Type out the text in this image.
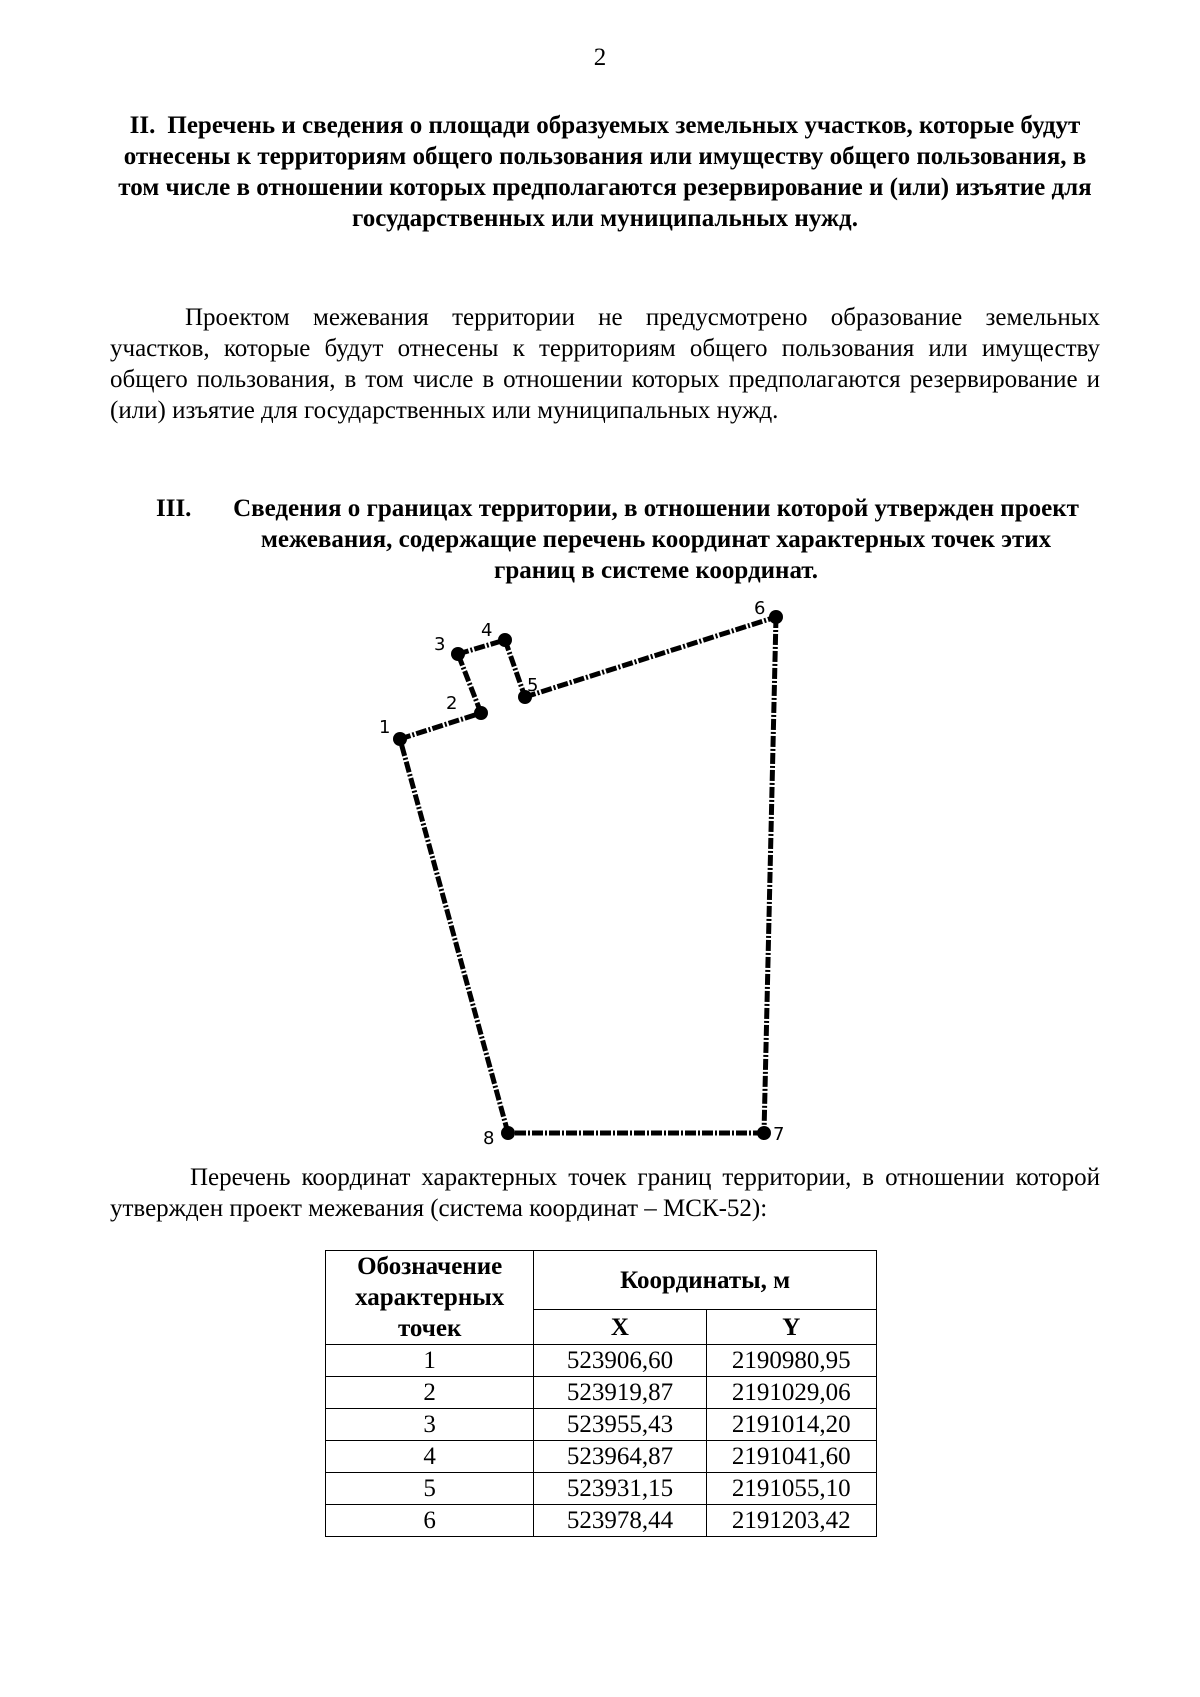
2
II. Перечень и сведения о площади образуемых земельных участков, которые будут отнесены к территориям общего пользования или имуществу общего пользования, в том числе в отношении которых предполагаются резервирование и (или) изъятие для государственных или муниципальных нужд.
Проектом межевания территории не предусмотрено образование земельных участков, которые будут отнесены к территориям общего пользования или имуществу общего пользования, в том числе в отношении которых предполагаются резервирование и (или) изъятие для государственных или муниципальных нужд.
III. Сведения о границах территории, в отношении которой утвержден проект межевания, содержащие перечень координат характерных точек этих границ в системе координат.
1
2
3
4
5
6
7
8
Перечень координат характерных точек границ территории, в отношении которой утвержден проект межевания (система координат – МСК-52):
Обозначение характерных точек	Координаты, м	
	X	Y
1	523906,60	2190980,95
2	523919,87	2191029,06
3	523955,43	2191014,20
4	523964,87	2191041,60
5	523931,15	2191055,10
6	523978,44	2191203,42
